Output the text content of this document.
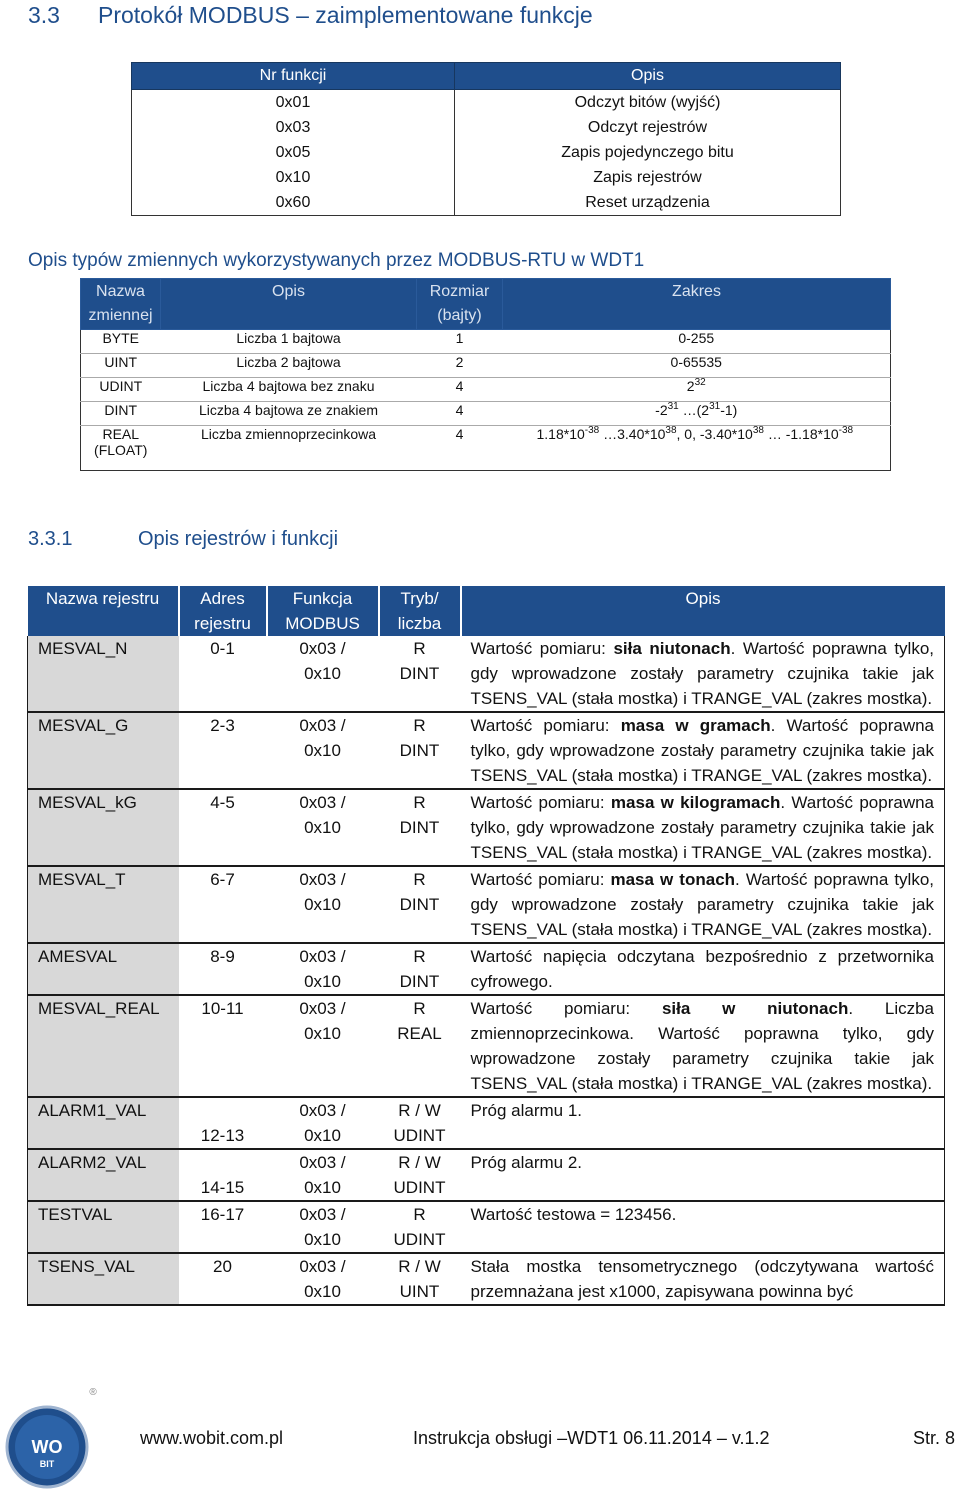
3.3 Protokół MODBUS – zaimplementowane funkcje
Nr funkcji	Opis
0x01	Odczyt bitów (wyjść)
0x03	Odczyt rejestrów
0x05	Zapis pojedynczego bitu
0x10	Zapis rejestrów
0x60	Reset urządzenia
Opis typów zmiennych wykorzystywanych przez MODBUS-RTU w WDT1
Nazwa zmiennej	Opis	Rozmiar (bajty)	Zakres
BYTE	Liczba 1 bajtowa	1	0-255
UINT	Liczba 2 bajtowa	2	0-65535
UDINT	Liczba 4 bajtowa bez znaku	4	$2^{32}$
DINT	Liczba 4 bajtowa ze znakiem	4	$-2^{31}$ $\dots(2^{31}-1)$
REAL (FLOAT)	Liczba zmiennoprzecinkowa	4	$1.18*10^{-38}$ $\dots 3.40*10^{38}$, 0, $-3.40*10^{38}$ … $-1.18*10^{-38}$
3.3.1	Opis rejestrów i funkcji
Nazwa rejestru	Adres rejestru	Funkcja MODBUS	Tryb/ liczba	Opis
MESVAL_N	0-1	0x03 / 0x10	R DINT	Wartość pomiaru: siła niutonach. Wartość poprawna tylko, gdy wprowadzone zostały parametry czujnika takie jak TSENS_VAL (stała mostka) i TRANGE_VAL (zakres mostka).
MESVAL_G	2-3	0x03 / 0x10	R DINT	Wartość pomiaru: masa w gramach. Wartość poprawna tylko, gdy wprowadzone zostały parametry czujnika takie jak TSENS_VAL (stała mostka) i TRANGE_VAL (zakres mostka).
MESVAL_kG	4-5	0x03 / 0x10	R DINT	Wartość pomiaru: masa w kilogramach. Wartość poprawna tylko, gdy wprowadzone zostały parametry czujnika takie jak TSENS_VAL (stała mostka) i TRANGE_VAL (zakres mostka).
MESVAL_T	6-7	0x03 / 0x10	R DINT	Wartość pomiaru: masa w tonach. Wartość poprawna tylko, gdy wprowadzone zostały parametry czujnika takie jak TSENS_VAL (stała mostka) i TRANGE_VAL (zakres mostka).
AMESVAL	8-9	0x03 / 0x10	R DINT	Wartość napięcia odczytana bezpośrednio z przetwornika cyfrowego.
MESVAL_REAL	10-11	0x03 / 0x10	R REAL	Wartość pomiaru: siła w niutonach. Liczba zmiennoprzecinkowa. Wartość poprawna tylko, gdy wprowadzone zostały parametry czujnika takie jak TSENS_VAL (stała mostka) i TRANGE_VAL (zakres mostka).
ALARM1_VAL	12-13	0x03 / 0x10	R / W UDINT	Próg alarmu 1.
ALARM2_VAL	14-15	0x03 / 0x10	R / W UDINT	Próg alarmu 2.
TESTVAL	16-17	0x03 / 0x10	R UDINT	Wartość testowa = 123456.
TSENS_VAL	20	0x03 / 0x10	R / W UINT	Stała mostka tensometrycznego (odczytywana wartość przemnażana jest x1000, zapisywana powinna być
WO
BIT
®
www.wobit.com.pl	Instrukcja obsługi –WDT1 06.11.2014 – v.1.2	Str. 8
